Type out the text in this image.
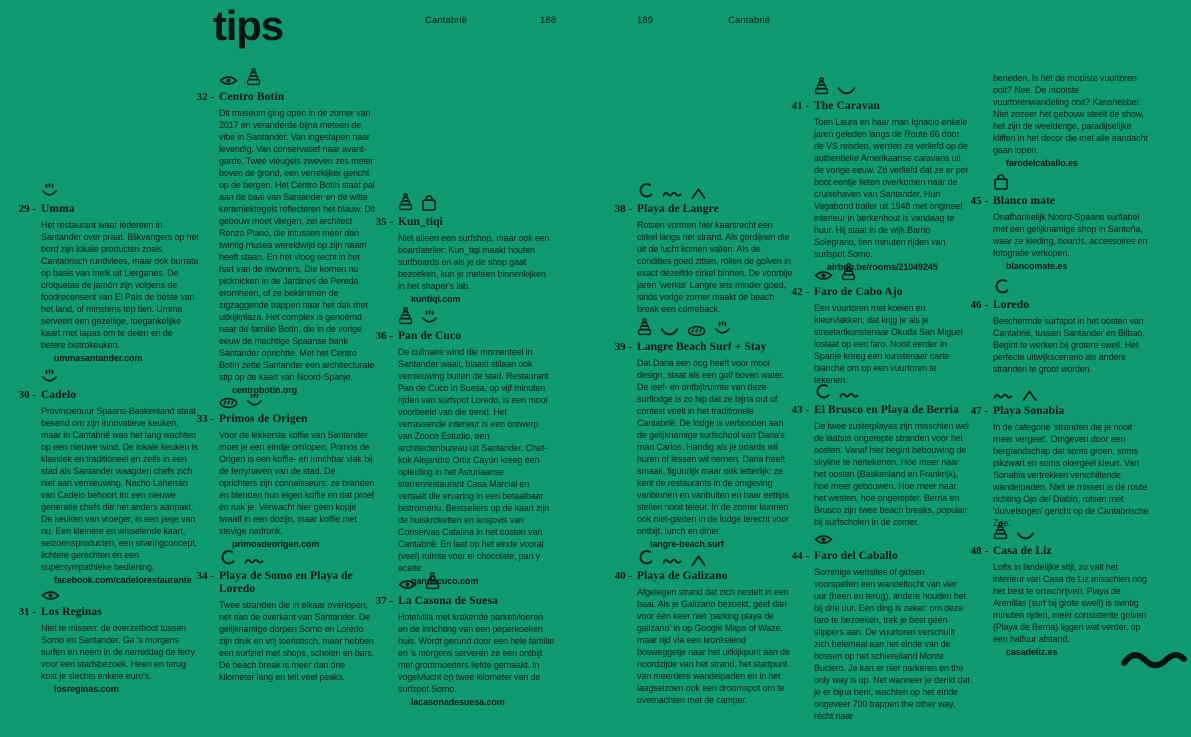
Cantabrië	188	189	Cantabrië
tips
29 - Umma
Het restaurant waar iedereen in Santander over praat. Blikvangers op het bord zijn lokale producten zoals Cantabrisch rundvlees, maar ook burrata op basis van melk uit Lierganes. De croquetas de jamón zijn volgens de foodrecensent van El País de beste van het land, of minstens top tien. Umma serveert een gezellige, toegankelijke kaart met tapas om te delen en de betere bistrokeuken.
ummasantander.com
30 - Cadelo
Provinciebuur Spaans-Baskenland staat bekend om zijn innovatieve keuken, maar in Cantabrië was het lang wachten op een nieuwe wind. De lokale keuken is klassiek en traditioneel en zelfs in een stad als Santander waagden chefs zich niet aan vernieuwing. Nacho Laherrán van Cadelo behoort tot een nieuwe generatie chefs die het anders aanpakt. De keuken van vroeger, in een jasje van nu. Een kleinere en wisselende kaart, seizoensproducten, een sharingconcept, lichtere gerechten én een supersympathieke bediening.
facebook.com/cadelorestaurante
31 - Los Reginas
Niet te missen: de overzetboot tussen Somo en Santander. Ga 's morgens surfen en neem in de namiddag de ferry voor een stadsbezoek. Heen en terug kost je slechts enkele euro's.
losreginas.com
32 - Centro Botín
Dit museum ging open in de zomer van 2017 en veranderde bijna meteen de vibe in Santander. Van ingeslapen naar levendig. Van conservatief naar avant-garde. Twee vleugels zweven zes meter boven de grond, een verrekijker gericht op de bergen. Het Centro Botín staat pal aan de baai van Santander en de witte keramiektegels reflecteren het blauw. Dit gebouw moet vliegen, zei architect Renzo Piano, die intussen meer dan twintig musea wereldwijd op zijn naam heeft staan. En het vloog recht in het hart van de inwoners. Die komen nu picknicken in de Jardines de Pereda eromheen, of ze beklimmen de zigzaggende trappen naar het dak met uitkijkplaza. Het complex is genoemd naar de familie Botín, die in de vorige eeuw de machtige Spaanse bank Santander oprichtte. Met het Centro Botín zette Santander een architecturale stip op de kaart van Noord-Spanje.
centrobotin.org
33 - Primos de Origen
Voor de lekkerste koffie van Santander moet je een eindje omlopen. Primos de Origen is een koffie- en lunchbar vlak bij de ferryhaven van de stad. De oprichters zijn connaisseurs: ze branden en blenden hun eigen koffie en dat proef én ruik je. Verwacht hier geen kopje twaalf in een dozijn, maar koffie met stevige nadronk.
primosdeorigen.com
34 - Playa de Somo en Playa de Loredo
Twee stranden die in elkaar overlopen, net aan de overkant van Santander. De gelijknamige dorpen Somo en Loredo zijn druk en vrij toeristisch, maar hebben een surfziel met shops, scholen en bars. De beach break is meer dan drie kilometer lang en telt veel peaks.
35 - Kun_tiqi
Niet alleen een surfshop, maar ook een boardatelier: Kun_tiqi maakt houten surfboards en als je de shop gaat bezoeken, kun je meteen binnenkijken in het shaper's lab.
kuntiqi.com
36 - Pan de Cuco
De culinaire wind die momenteel in Santander waait, blaast stilaan ook vernieuwing buiten de stad. Restaurant Pan de Cuco in Suesa, op vijf minuten rijden van surfspot Loredo, is een mooi voorbeeld van die trend. Het verrassende interieur is een ontwerp van Zooco Estudio, een architectenbureau uit Santander. Chef-kok Alejandro Ortiz Cayón kreeg een opleiding in het Asturiaanse sterrenrestaurant Casa Marcial en vertaalt die ervaring in een betaalbaar bistromenu. Bestsellers op de kaart zijn de huiskroketten en ansjovis van Conservas Catalina in het oosten van Cantabrië. En laat op het einde vooral (veel) ruimte voor el chocolate, pan y aceite.
pandecuco.com
37 - La Casona de Suesa
Hotelvilla met krakende parketvloeren en de inrichting van een peperkoeken huis. Wordt gerund door een hele familie en 's morgens serveren ze een ontbijt met grootmoeders liefde gemaakt. In vogelvlucht op twee kilometer van de surfspot Somo.
lacasonadesuesa.com
38 - Playa de Langre
Rotsen vormen hier kaarsrecht een cirkel langs het strand. Als gordijnen die uit de lucht komen vallen. Als de condities goed zitten, rollen de golven in exact dezelfde cirkel binnen. De voorbije jaren 'werkte' Langre iets minder goed, sinds vorige zomer maakt de beach break een comeback.
39 - Langre Beach Surf + Stay
Dat Daria een oog heeft voor mooi design, staat als een golf boven water. De leef- en ontbijtruimte van deze surflodge is zo hip dat ze bijna out of context voelt in het traditionele Cantabrië. De lodge is verbonden aan de gelijknamige surfschool van Daria's man Carlos. Handig als je boards wil huren of lessen wil nemen. Daria heeft smaak, figuurlijk maar ook letterlijk: ze kent de restaurants in de omgeving vanbinnen en vanbuiten en haar eettips stellen nooit teleur. In de zomer kunnen ook niet-gasten in de lodge terecht voor ontbijt, lunch en diner.
langre-beach.surf
40 - Playa de Galizano
Afgelegen strand dat zich nestelt in een baai. Als je Galizano bezoekt, geef dan voor één keer niet 'parking playa de galizano' in op Google Maps of Waze, maar rijd via een kronkelend bosweggetje naar het uitkijkpunt aan de noordzijde van het strand, het startpunt van meerdere wandelpaden en in het laagseizoen ook een droomspot om te overnachten met de camper.
41 - The Caravan
Toen Laura en haar man Ignacio enkele jaren geleden langs de Route 66 door de VS reisden, werden ze verliefd op de authentieke Amerikaanse caravans uit de vorige eeuw. Zó verliefd dat ze er per boot eentje lieten overkomen naar de cruisehaven van Santander. Hun Vagabond trailer uit 1948 met origineel interieur in berkenhout is vandaag te huur. Hij staat in de wijk Barrio Solegrario, tien minuten rijden van surfspot Somo.
airbnb.be/rooms/21049245
42 - Faro de Cabo Ajo
Een vuurtoren met koeien en kleurvlakken, dat krijg je als je streetartkunstenaar Okuda San Miguel loslaat op een faro. Nooit eerder in Spanje kreeg een kunstenaar carte blanche om op een vuurtoren te tekenen.
43 - El Brusco en Playa de Berria
De twee zusterplayas zijn misschien wel de laatste ongerepte stranden voor het oosten. Vanaf hier begint bebouwing de skyline te hertekenen. Hoe meer naar het oosten (Baskenland en Frankrijk), hoe meer gebouwen. Hoe meer naar het westen, hoe ongerepter. Berria en Brusco zijn twee beach breaks, populair bij surfscholen in de zomer.
44 - Faro del Caballo
Sommige websites of gidsen voorspellen een wandeltocht van vier uur (heen en terug), andere houden het bij drie uur. Eén ding is zeker: om deze faro te bezoeken, trek je best géén slippers aan. De vuurtoren verschuilt zich helemaal aan het einde van de bossen op het schiereiland Monte Buciero. Je kan er niet parkeren en the only way is up. Net wanneer je denkt dat je er bijna bent, wachten op het einde ongeveer 700 trappen the other way, récht naar
beneden. Is het de mooiste vuurtoren ooit? Nee. De mooiste vuurtorenwandeling ooit? Kanshebber. Niet zozeer het gebouw steelt de show, het zijn de weelderige, paradijselijke kliffen in het decor die met alle aandacht gaan lopen.
farodelcaballo.es
45 - Blanco mate
Onafhankelijk Noord-Spaans surflabel met een gelijknamige shop in Santoña, waar ze kleding, boards, accessoires en fotografie verkopen.
blancomate.es
46 - Loredo
Beschermde surfspot in het oosten van Cantabrië, tussen Santander en Bilbao. Begint te werken bij grotere swell. Het perfecte uitwijkscenario als andere stranden te groot worden.
47 - Playa Sonabia
In de categorie 'stranden die je nooit meer vergeet'. Omgeven door een berglandschap dat soms groen, soms pikzwart en soms okergeel kleurt. Van Sonabia vertrekken verschillende wandelpaden. Niet te missen is de route richting Ojo del Diablo, rotsen met 'duivelsogen' gericht op de Cantabrische Zee.
48 - Casa de Liz
Lofts in landelijke stijl, zo valt het interieur van Casa de Liz misschien nog het best te omschrijven. Playa de Arenillas (surf bij grote swell) is twintig minuten rijden, meer consistente golven (Playa de Berria) liggen wat verder, op een halfuur afstand.
casadeliz.es
